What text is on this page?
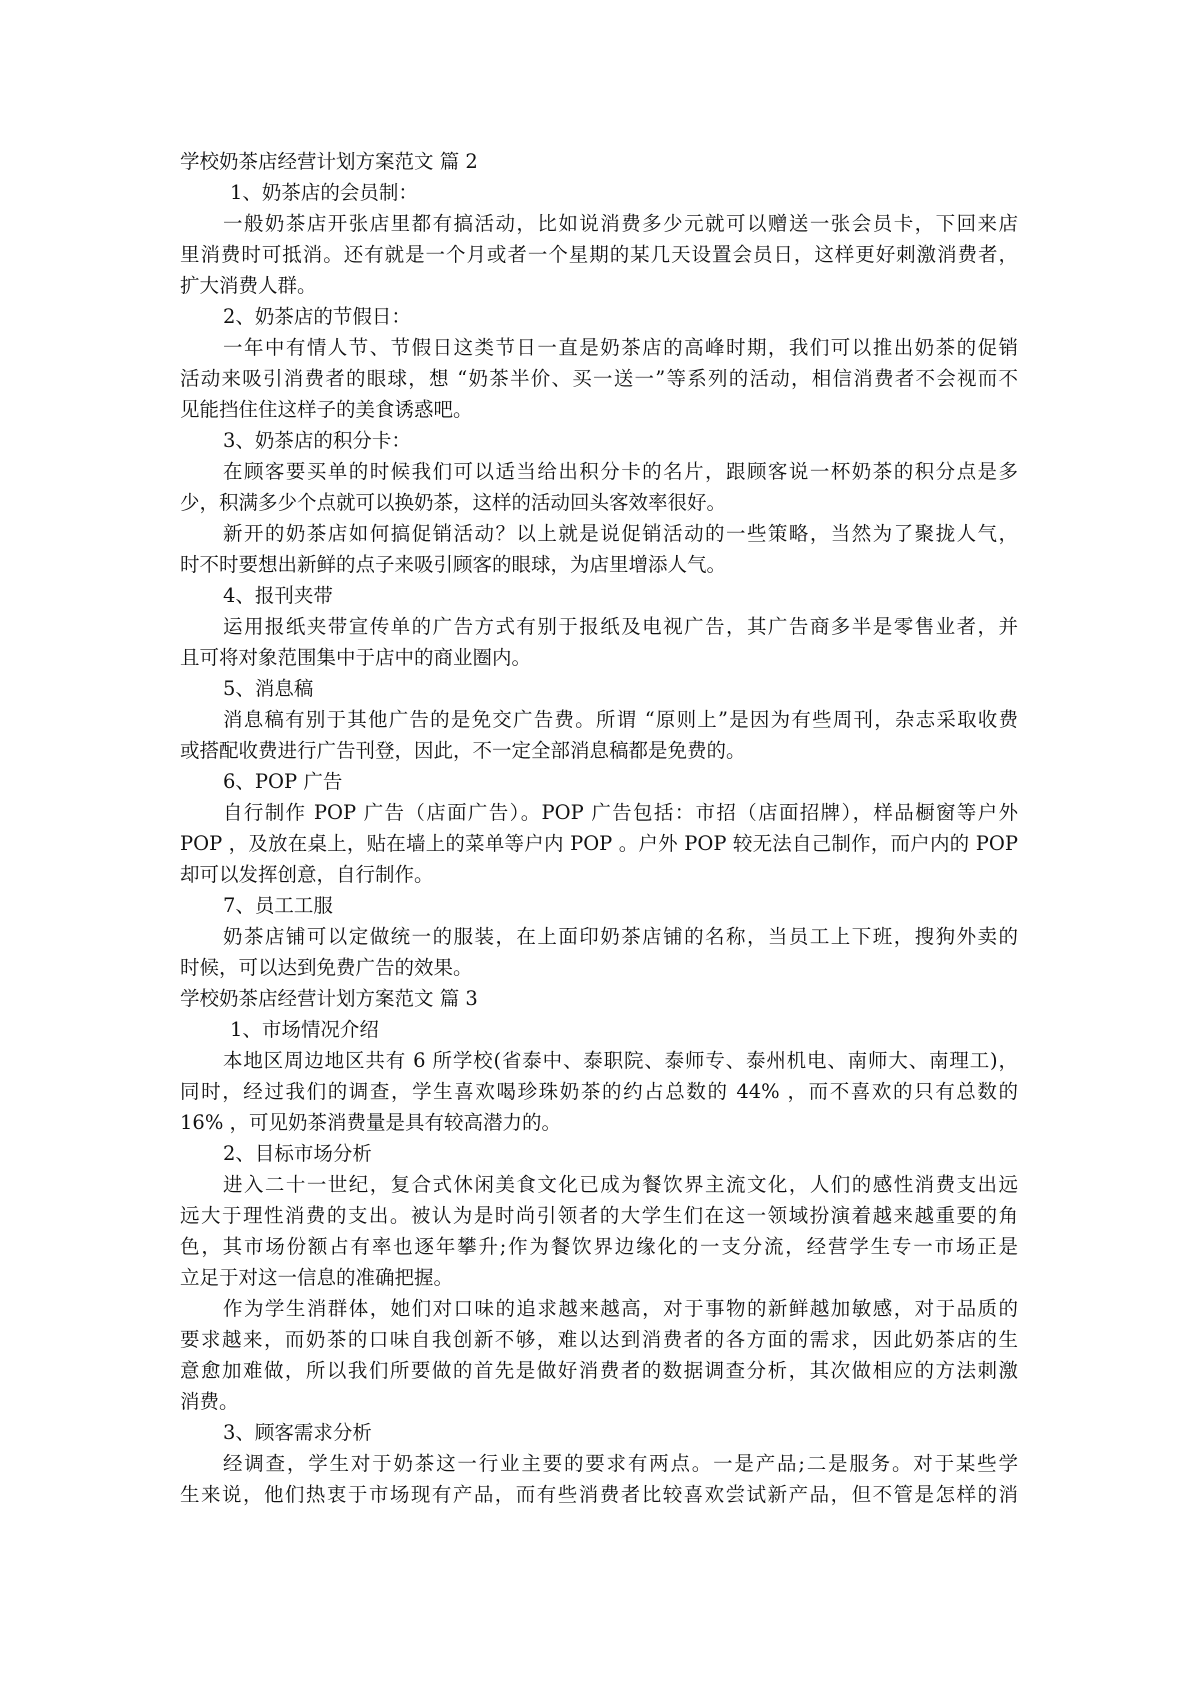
学校奶茶店经营计划方案范文 篇 2
1、奶茶店的会员制：
一般奶茶店开张店里都有搞活动，比如说消费多少元就可以赠送一张会员卡，下回来店
里消费时可抵消。还有就是一个月或者一个星期的某几天设置会员日，这样更好刺激消费者，
扩大消费人群。
2、奶茶店的节假日：
一年中有情人节、节假日这类节日一直是奶茶店的高峰时期，我们可以推出奶茶的促销
活动来吸引消费者的眼球，想 “奶茶半价、买一送一”等系列的活动，相信消费者不会视而不
见能挡住住这样子的美食诱惑吧。
3、奶茶店的积分卡：
在顾客要买单的时候我们可以适当给出积分卡的名片，跟顾客说一杯奶茶的积分点是多
少，积满多少个点就可以换奶茶，这样的活动回头客效率很好。
新开的奶茶店如何搞促销活动？以上就是说促销活动的一些策略，当然为了聚拢人气，
时不时要想出新鲜的点子来吸引顾客的眼球，为店里增添人气。
4、报刊夹带
运用报纸夹带宣传单的广告方式有别于报纸及电视广告，其广告商多半是零售业者，并
且可将对象范围集中于店中的商业圈内。
5、消息稿
消息稿有别于其他广告的是免交广告费。所谓 “原则上”是因为有些周刊，杂志采取收费
或搭配收费进行广告刊登，因此，不一定全部消息稿都是免费的。
6、POP 广告
自行制作 POP 广告（店面广告）。POP 广告包括：市招（店面招牌），样品橱窗等户外
POP ，及放在桌上，贴在墙上的菜单等户内 POP 。户外 POP 较无法自己制作，而户内的 POP
却可以发挥创意，自行制作。
7、员工工服
奶茶店铺可以定做统一的服装，在上面印奶茶店铺的名称，当员工上下班，搜狗外卖的
时候，可以达到免费广告的效果。
学校奶茶店经营计划方案范文 篇 3
1、市场情况介绍
本地区周边地区共有 6 所学校(省泰中、泰职院、泰师专、泰州机电、南师大、南理工)，
同时，经过我们的调查，学生喜欢喝珍珠奶茶的约占总数的 44% ，而不喜欢的只有总数的
16% ，可见奶茶消费量是具有较高潜力的。
2、目标市场分析
进入二十一世纪，复合式休闲美食文化已成为餐饮界主流文化，人们的感性消费支出远
远大于理性消费的支出。被认为是时尚引领者的大学生们在这一领域扮演着越来越重要的角
色，其市场份额占有率也逐年攀升;作为餐饮界边缘化的一支分流，经营学生专一市场正是
立足于对这一信息的准确把握。
作为学生消群体，她们对口味的追求越来越高，对于事物的新鲜越加敏感，对于品质的
要求越来，而奶茶的口味自我创新不够，难以达到消费者的各方面的需求，因此奶茶店的生
意愈加难做，所以我们所要做的首先是做好消费者的数据调查分析，其次做相应的方法刺激
消费。
3、顾客需求分析
经调查，学生对于奶茶这一行业主要的要求有两点。一是产品;二是服务。对于某些学
生来说，他们热衷于市场现有产品，而有些消费者比较喜欢尝试新产品，但不管是怎样的消
